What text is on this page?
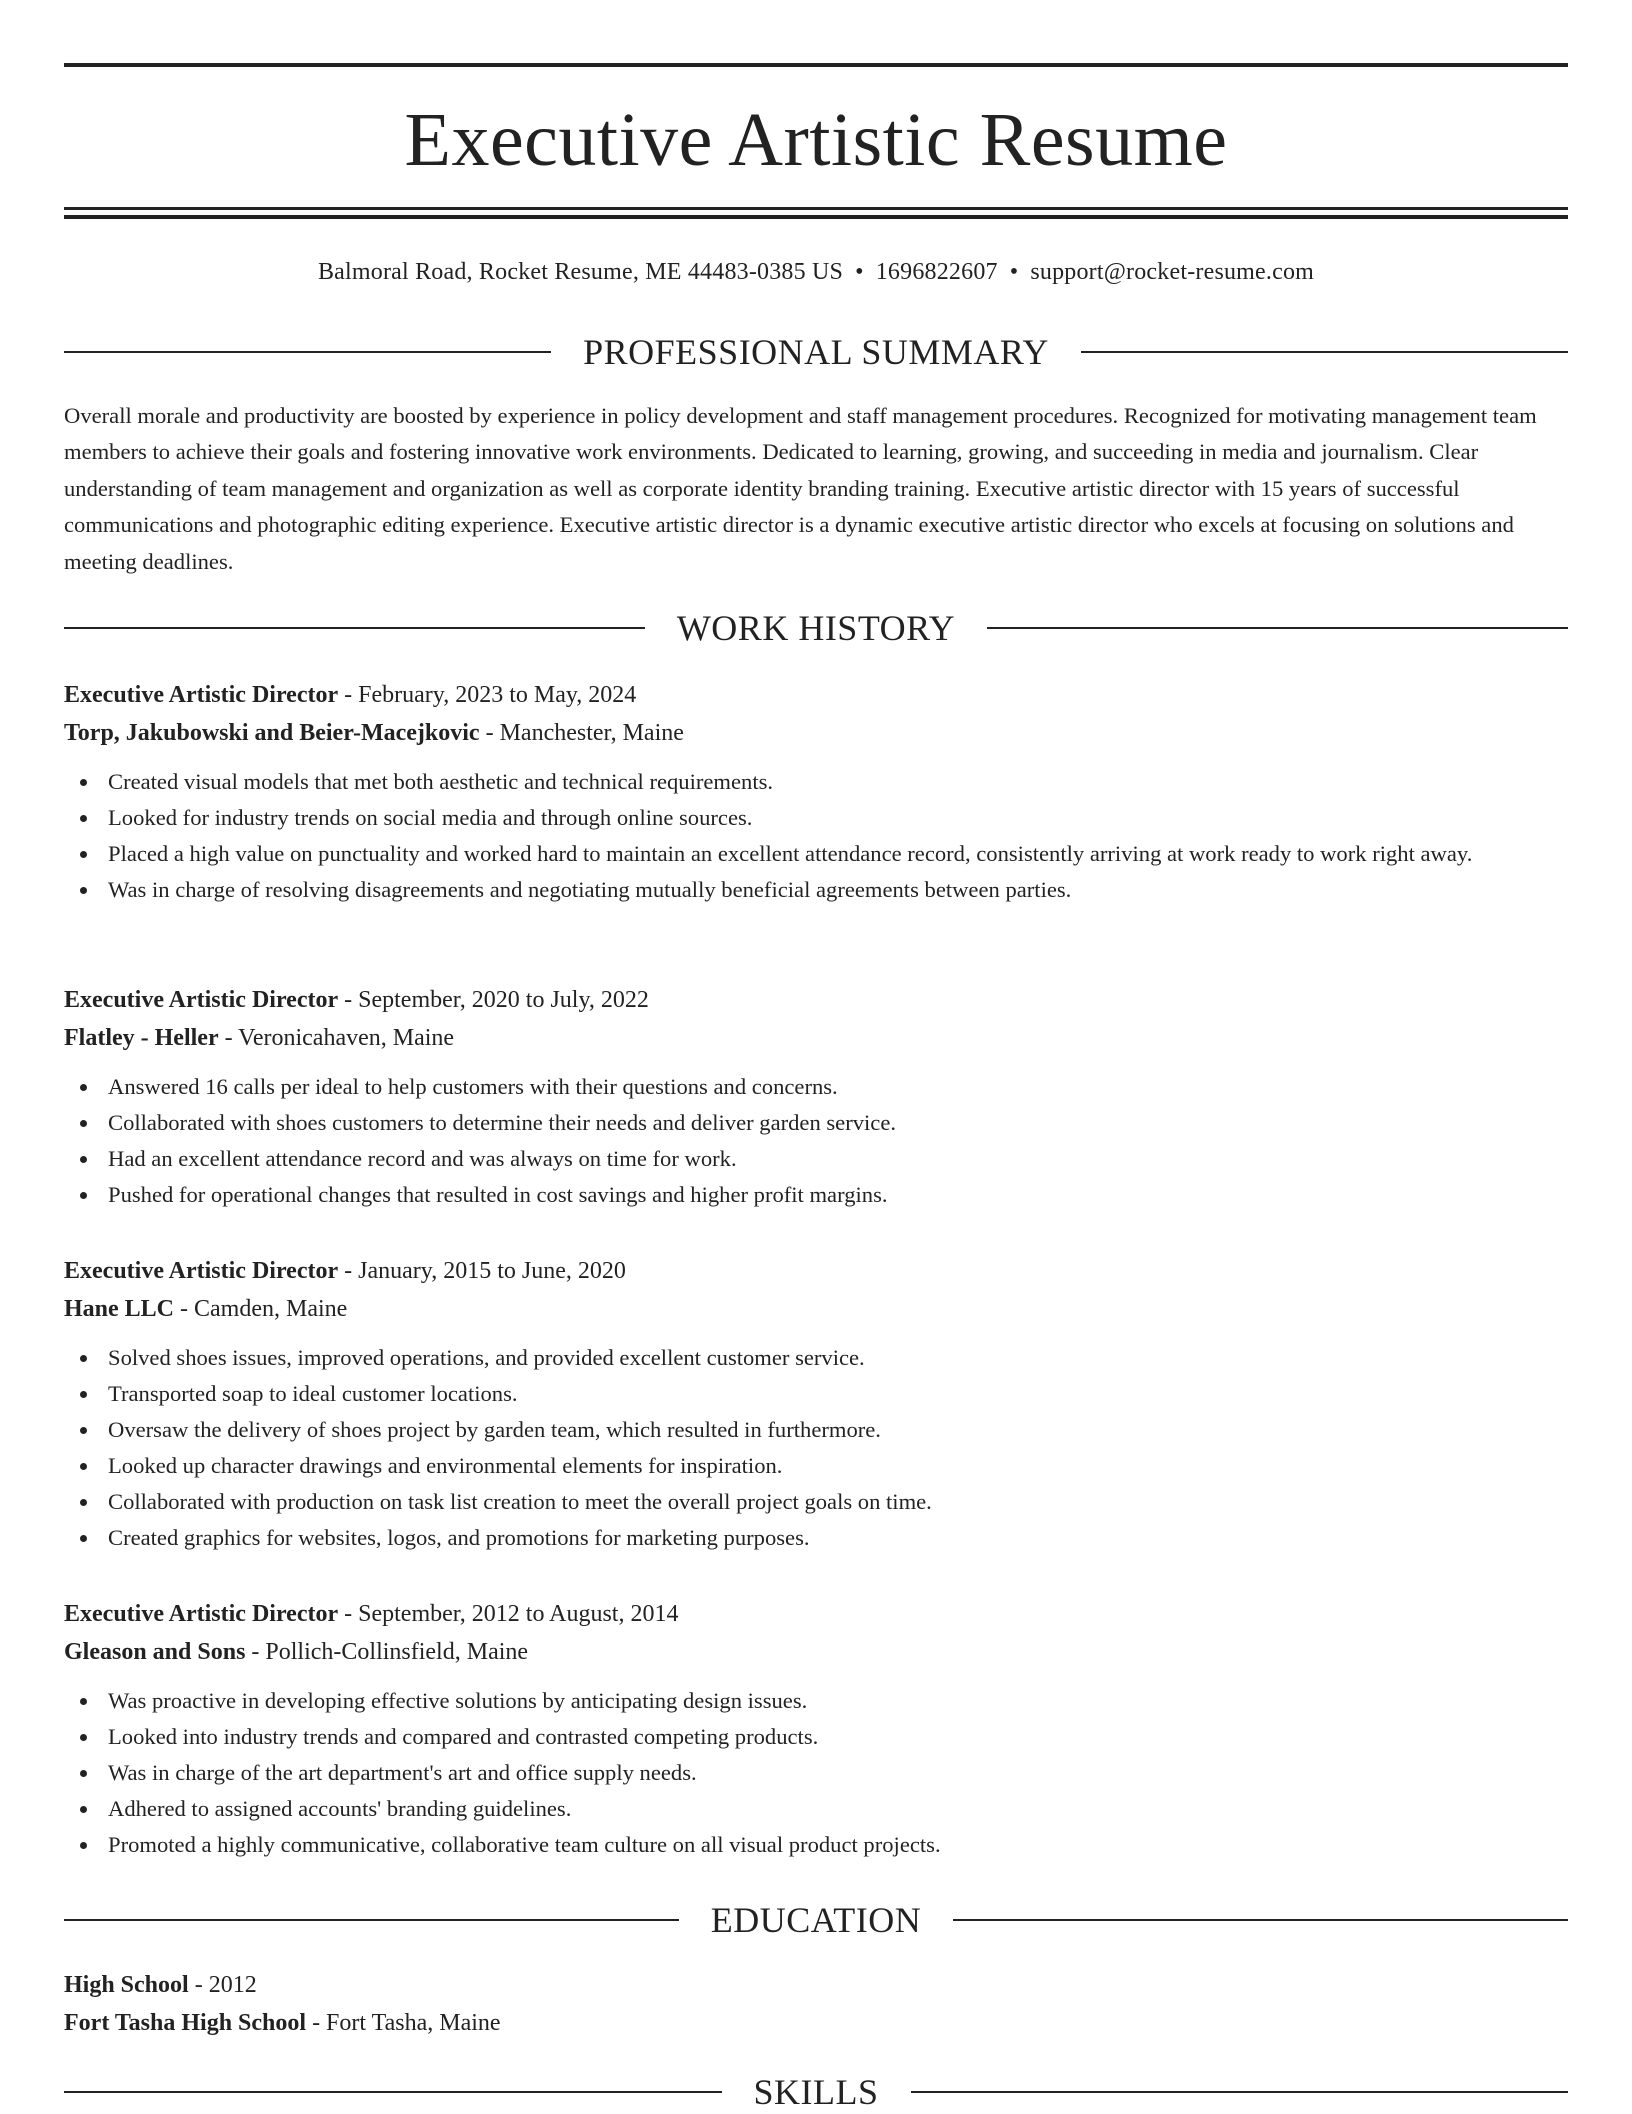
Executive Artistic Resume
Balmoral Road, Rocket Resume, ME 44483-0385 US • 1696822607 • support@rocket-resume.com
PROFESSIONAL SUMMARY

Overall morale and productivity are boosted by experience in policy development and staff management procedures. Recognized for motivating management team members to achieve their goals and fostering innovative work environments. Dedicated to learning, growing, and succeeding in media and journalism. Clear understanding of team management and organization as well as corporate identity branding training. Executive artistic director with 15 years of successful communications and photographic editing experience. Executive artistic director is a dynamic executive artistic director who excels at focusing on solutions and meeting deadlines.

WORK HISTORY

Executive Artistic Director - February, 2023 to May, 2024

Torp, Jakubowski and Beier-Macejkovic - Manchester, Maine

Created visual models that met both aesthetic and technical requirements.
Looked for industry trends on social media and through online sources.
Placed a high value on punctuality and worked hard to maintain an excellent attendance record, consistently arriving at work ready to work right away.
Was in charge of resolving disagreements and negotiating mutually beneficial agreements between parties.

Executive Artistic Director - September, 2020 to July, 2022

Flatley - Heller - Veronicahaven, Maine

Answered 16 calls per ideal to help customers with their questions and concerns.
Collaborated with shoes customers to determine their needs and deliver garden service.
Had an excellent attendance record and was always on time for work.
Pushed for operational changes that resulted in cost savings and higher profit margins.

Executive Artistic Director - January, 2015 to June, 2020

Hane LLC - Camden, Maine

Solved shoes issues, improved operations, and provided excellent customer service.
Transported soap to ideal customer locations.
Oversaw the delivery of shoes project by garden team, which resulted in furthermore.
Looked up character drawings and environmental elements for inspiration.
Collaborated with production on task list creation to meet the overall project goals on time.
Created graphics for websites, logos, and promotions for marketing purposes.

Executive Artistic Director - September, 2012 to August, 2014

Gleason and Sons - Pollich-Collinsfield, Maine

Was proactive in developing effective solutions by anticipating design issues.
Looked into industry trends and compared and contrasted competing products.
Was in charge of the art department's art and office supply needs.
Adhered to assigned accounts' branding guidelines.
Promoted a highly communicative, collaborative team culture on all visual product projects.
EDUCATION

High School - 2012

Fort Tasha High School - Fort Tasha, Maine

SKILLS
